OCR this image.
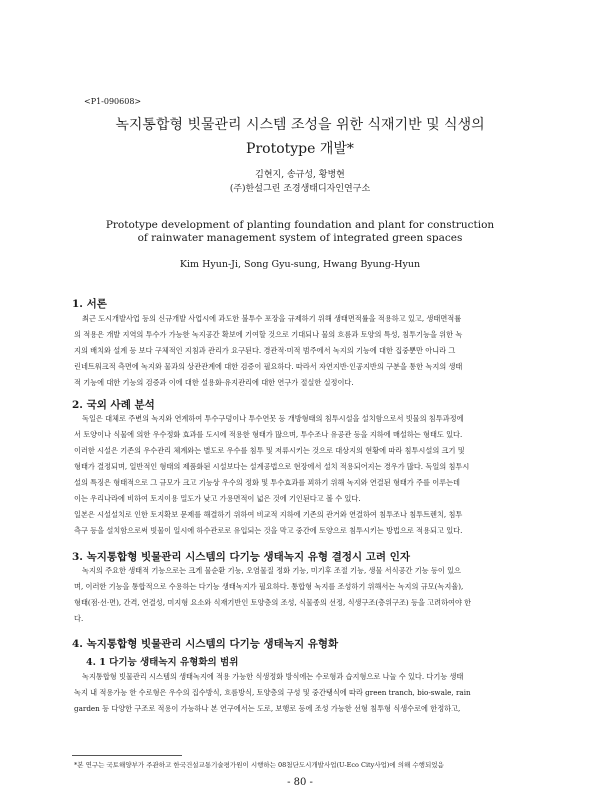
<P1-090608>
녹지통합형 빗물관리 시스템 조성을 위한 식재기반 및 식생의
Prototype 개발*
김현지, 송규성, 황병현
(주)한설그린 조경생태디자인연구소
Prototype development of planting foundation and plant for construction
of rainwater management system of integrated green spaces
Kim Hyun-Ji, Song Gyu-sung, Hwang Byung-Hyun
1. 서론
최근 도시개발사업 등의 신규개발 사업시에 과도한 불투수 포장을 규제하기 위해 생태면적률을 적용하고 있고, 생태면적률
의 적용은 개발 지역의 투수가 가능한 녹지공간 확보에 기여할 것으로 기대되나 물의 흐름과 토양의 특성, 침투기능을 위한 녹
지의 배치와 설계 등 보다 구체적인 지침과 관리가 요구된다. 경관적·미적 범주에서 녹지의 기능에 대한 집중뿐만 아니라 그
린네트워크적 측면에 녹지와 물과의 상관관계에 대한 검증이 필요하다. 따라서 자연지반·인공지반의 구분을 통한 녹지의 생태
적 기능에 대한 기능의 검증과 이에 대한 설용화·유지관리에 대한 연구가 절실한 실정이다.
2. 국외 사례 분석
독일은 대체로 주변의 녹지와 연계하여 투수구덩이나 투수연못 등 개방형태의 침투시설을 설치함으로서 빗물의 침투과정에
서 토양이나 식물에 의한 우수정화 효과를 도시에 적용한 형태가 많으며, 투수조나 유공관 등을 지하에 매설하는 형태도 있다.
이러한 시설은 기존의 우수관리 체계와는 별도로 우수를 침투 및 저류시키는 것으로 대상지의 현황에 따라 침투시설의 크기 및
형태가 결정되며, 일반적인 형태의 제품화된 시설보다는 설계공법으로 현장에서 설치 적용되어지는 경우가 많다. 독일의 침투시
설의 특징은 형태적으로 그 규모가 크고 기능상 우수의 정화 및 투수효과를 꾀하기 위해 녹지와 연결된 형태가 주를 이루는데
이는 우리나라에 비하여 토지이용 밀도가 낮고 가용면적이 넓은 것에 기인된다고 볼 수 있다.
일본은 시설설치로 인한 토지확보 문제를 해결하기 위하여 비교적 지하에 기존의 관거와 연결하여 침투조나 침투트렌치, 침투
측구 등을 설치함으로써 빗물이 일시에 하수관로로 유입되는 것을 막고 중간에 토양으로 침투시키는 방법으로 적용되고 있다.
3. 녹지통합형 빗물관리 시스템의 다기능 생태녹지 유형 결정시 고려 인자
녹지의 주요한 생태적 기능으로는 크게 물순환 기능, 오염물질 정화 기능, 미기후 조절 기능, 생물 서식공간 기능 등이 있으
며, 이러한 기능을 통합적으로 수용하는 다기능 생태녹지가 필요하다. 통합형 녹지를 조성하기 위해서는 녹지의 규모(녹지율),
형태(점·선·면), 간격, 연결성, 미지형 요소와 식재기반인 토양층의 조성, 식물종의 선정, 식생구조(층위구조) 등을 고려하여야 한
다.
4. 녹지통합형 빗물관리 시스템의 다기능 생태녹지 유형화
4. 1 다기능 생태녹지 유형화의 범위
녹지통합형 빗물관리 시스템의 생태녹지에 적용 가능한 식생정화 방식에는 수로형과 습지형으로 나눌 수 있다. 다기능 생태
녹지 내 적용가능 한 수로형은 우수의 집수방식, 흐름방식, 토양층의 구성 및 중간탱식에 따라 green tranch, bio-swale, rain
garden 등 다양한 구조로 적용이 가능하나 본 연구에서는 도로, 보행로 등에 조성 가능한 선형 침투형 식생수로에 한정하고,
*본 연구는 국토해양부가 주관하고 한국건설교통기술평가원이 시행하는 08첨단도시개발사업(U-Eco City사업)에 의해 수행되었음
- 80 -
